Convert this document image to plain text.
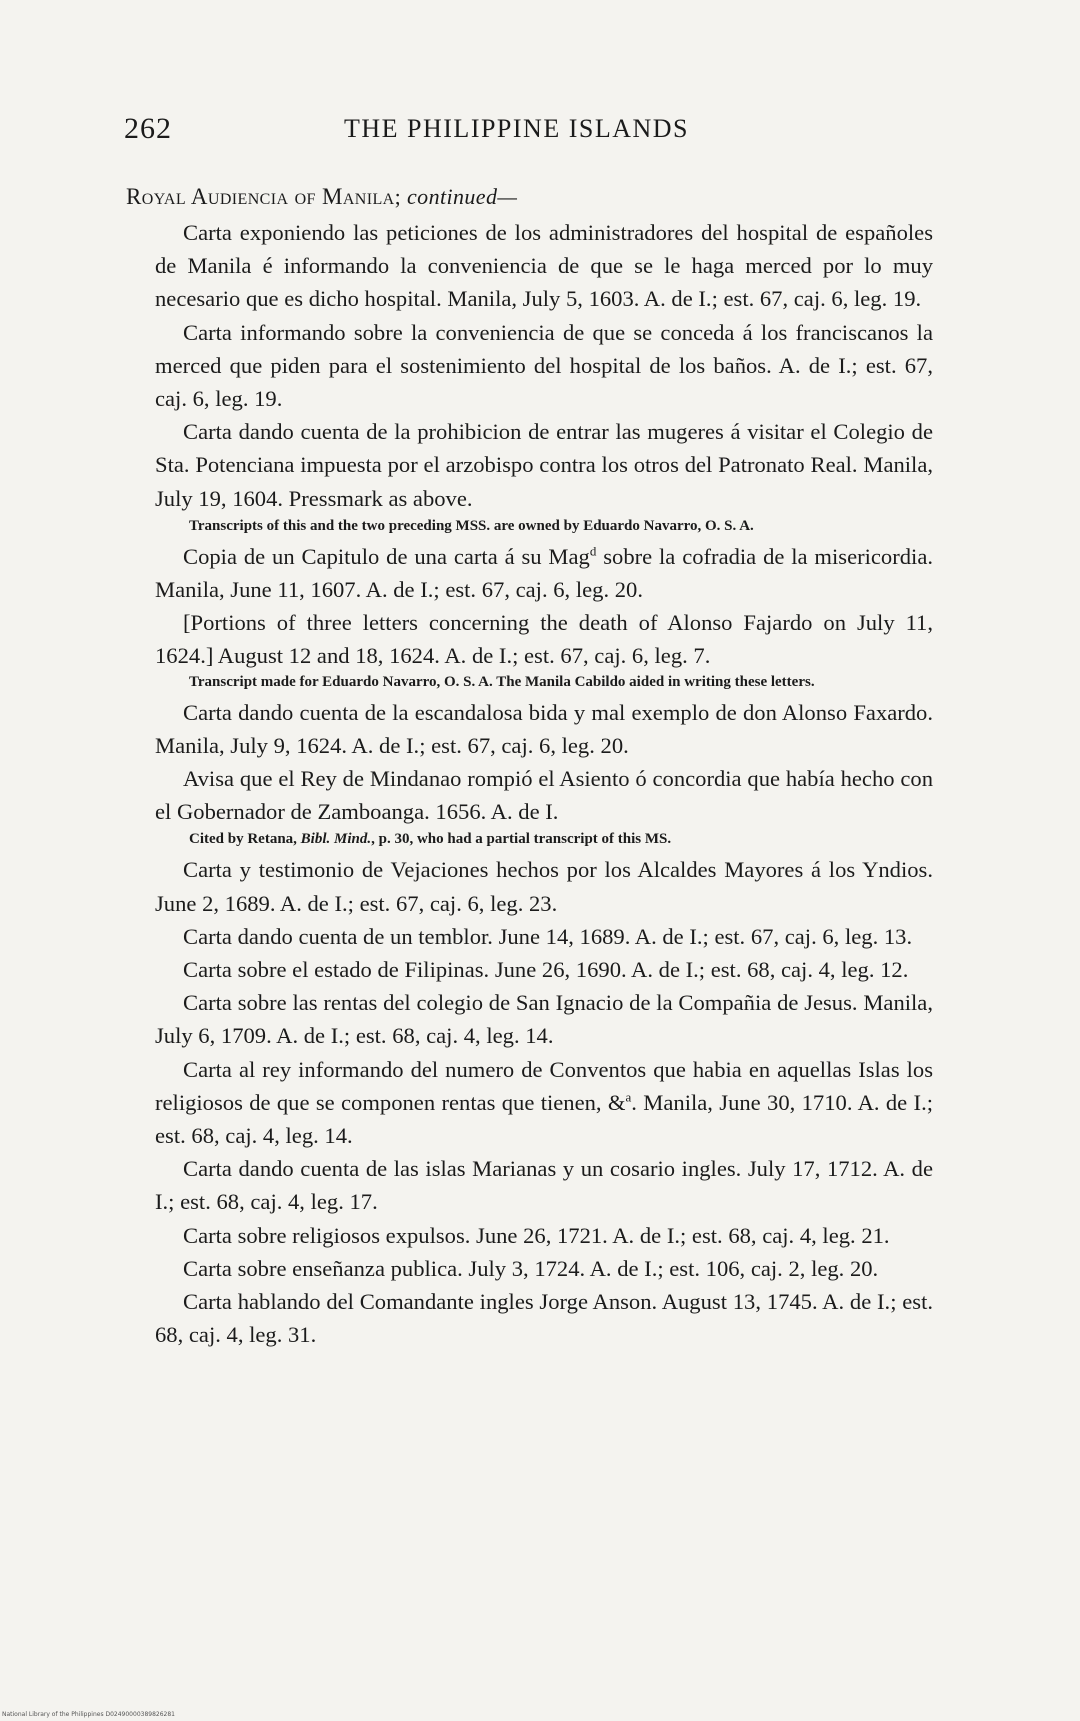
262	THE PHILIPPINE ISLANDS
Royal Audiencia of Manila; continued—

Carta exponiendo las peticiones de los administradores del hospital de españoles de Manila é informando la conveniencia de que se le haga merced por lo muy necesario que es dicho hospital. Manila, July 5, 1603. A. de I.; est. 67, caj. 6, leg. 19.

Carta informando sobre la conveniencia de que se conceda á los franciscanos la merced que piden para el sostenimiento del hospital de los baños. A. de I.; est. 67, caj. 6, leg. 19.

Carta dando cuenta de la prohibicion de entrar las mugeres á visitar el Colegio de Sta. Potenciana impuesta por el arzobispo contra los otros del Patronato Real. Manila, July 19, 1604. Pressmark as above.

Transcripts of this and the two preceding MSS. are owned by Eduardo Navarro, O. S. A.

Copia de un Capitulo de una carta á su Mag$^d$ sobre la cofradia de la misericordia. Manila, June 11, 1607. A. de I.; est. 67, caj. 6, leg. 20.

[Portions of three letters concerning the death of Alonso Fajardo on July 11, 1624.] August 12 and 18, 1624. A. de I.; est. 67, caj. 6, leg. 7.

Transcript made for Eduardo Navarro, O. S. A. The Manila Cabildo aided in writing these letters.

Carta dando cuenta de la escandalosa bida y mal exemplo de don Alonso Faxardo. Manila, July 9, 1624. A. de I.; est. 67, caj. 6, leg. 20.

Avisa que el Rey de Mindanao rompió el Asiento ó concordia que había hecho con el Gobernador de Zamboanga. 1656. A. de I.

Cited by Retana, Bibl. Mind., p. 30, who had a partial transcript of this MS.

Carta y testimonio de Vejaciones hechos por los Alcaldes Mayores á los Yndios. June 2, 1689. A. de I.; est. 67, caj. 6, leg. 23.

Carta dando cuenta de un temblor. June 14, 1689. A. de I.; est. 67, caj. 6, leg. 13.

Carta sobre el estado de Filipinas. June 26, 1690. A. de I.; est. 68, caj. 4, leg. 12.

Carta sobre las rentas del colegio de San Ignacio de la Compañia de Jesus. Manila, July 6, 1709. A. de I.; est. 68, caj. 4, leg. 14.

Carta al rey informando del numero de Conventos que habia en aquellas Islas los religiosos de que se componen rentas que tienen, &$^a$. Manila, June 30, 1710. A. de I.; est. 68, caj. 4, leg. 14.

Carta dando cuenta de las islas Marianas y un cosario ingles. July 17, 1712. A. de I.; est. 68, caj. 4, leg. 17.

Carta sobre religiosos expulsos. June 26, 1721. A. de I.; est. 68, caj. 4, leg. 21.

Carta sobre enseñanza publica. July 3, 1724. A. de I.; est. 106, caj. 2, leg. 20.

Carta hablando del Comandante ingles Jorge Anson. August 13, 1745. A. de I.; est. 68, caj. 4, leg. 31.

National Library of the Philippines D02490000389826281
